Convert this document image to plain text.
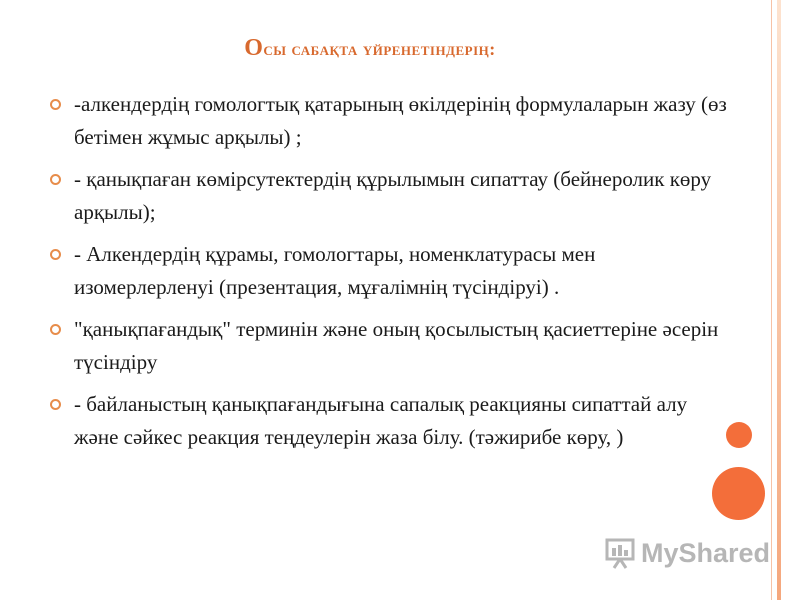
Осы сабақта үйренетіндерің:
-алкендердің гомологтық қатарының өкілдерінің формулаларын жазу (өз бетімен жұмыс арқылы) ;
- қанықпаған көмірсутектердің құрылымын сипаттау (бейнеролик көру арқылы);
- Алкендердің құрамы, гомологтары, номенклатурасы мен изомерлерленуі (презентация, мұғалімнің түсіндіруі) .
"қанықпағандық" терминін және оның қосылыстың қасиеттеріне әсерін түсіндіру
- байланыстың қанықпағандығына сапалық реакцияны сипаттай алу және сәйкес реакция теңдеулерін жаза білу. (тәжирибе көру, )
MyShared
